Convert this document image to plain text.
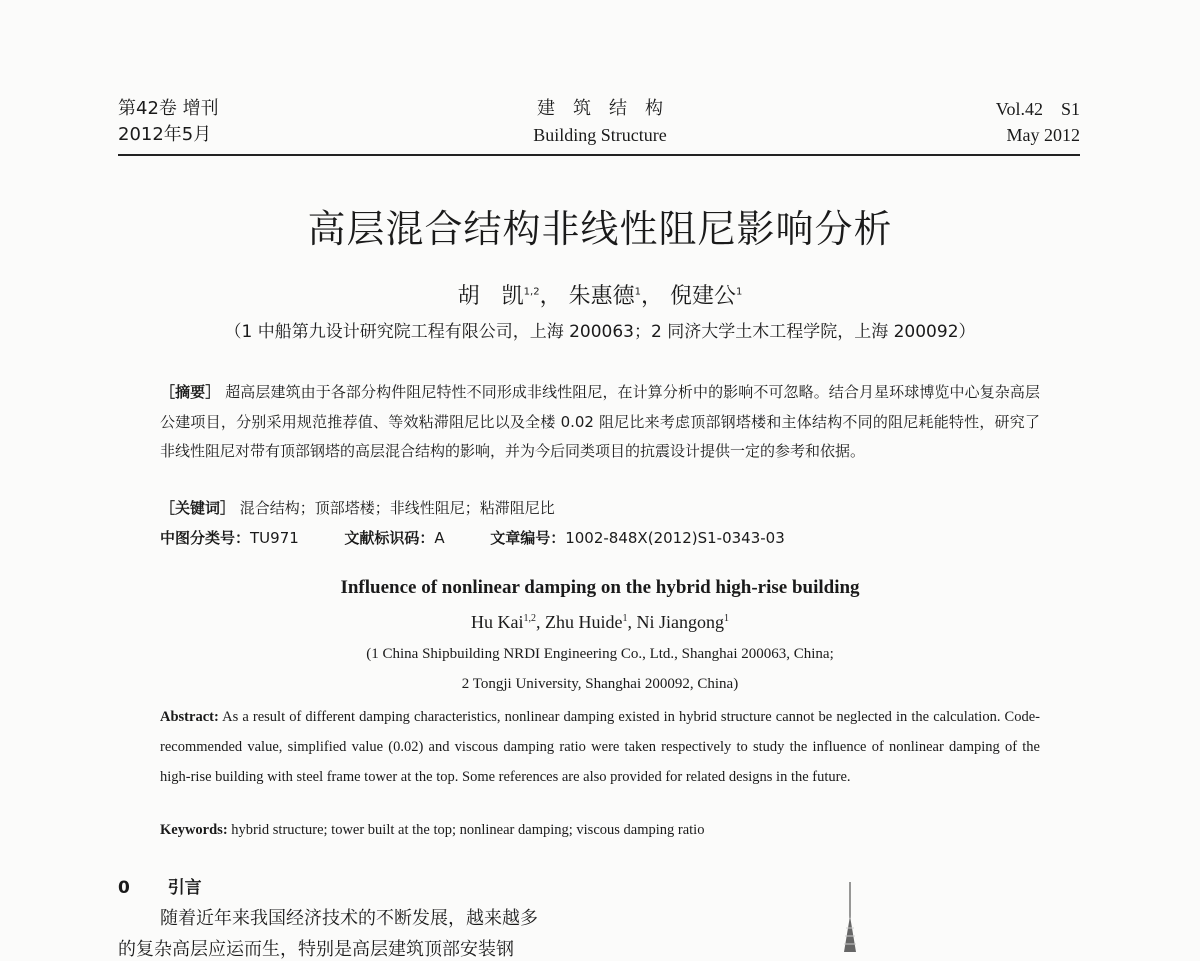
第42卷 增刊
2012年5月
建　筑　结　构
Building Structure
Vol.42　S1
May 2012
高层混合结构非线性阻尼影响分析
胡　凯$^{1,2}$， 朱惠德$^1$， 倪建公$^1$
（1 中船第九设计研究院工程有限公司，上海 200063；2 同济大学土木工程学院，上海 200092）
［摘要］ 超高层建筑由于各部分构件阻尼特性不同形成非线性阻尼，在计算分析中的影响不可忽略。结合月星环球博览中心复杂高层公建项目，分别采用规范推荐值、等效粘滞阻尼比以及全楼 0.02 阻尼比来考虑顶部钢塔楼和主体结构不同的阻尼耗能特性，研究了非线性阻尼对带有顶部钢塔的高层混合结构的影响，并为今后同类项目的抗震设计提供一定的参考和依据。
［关键词］ 混合结构；顶部塔楼；非线性阻尼；粘滞阻尼比
中图分类号：TU971	文献标识码：A	文章编号：1002-848X(2012)S1-0343-03
Influence of nonlinear damping on the hybrid high-rise building
Hu Kai$^{1,2}$, Zhu Huide$^1$, Ni Jiangong$^1$
(1 China Shipbuilding NRDI Engineering Co., Ltd., Shanghai 200063, China;
2 Tongji University, Shanghai 200092, China)
Abstract: As a result of different damping characteristics, nonlinear damping existed in hybrid structure cannot be neglected in the calculation. Code-recommended value, simplified value (0.02) and viscous damping ratio were taken respectively to study the influence of nonlinear damping of the high-rise building with steel frame tower at the top. Some references are also provided for related designs in the future.
Keywords: hybrid structure; tower built at the top; nonlinear damping; viscous damping ratio
0 引言
随着近年来我国经济技术的不断发展，越来越多
的复杂高层应运而生，特别是高层建筑顶部安装钢
